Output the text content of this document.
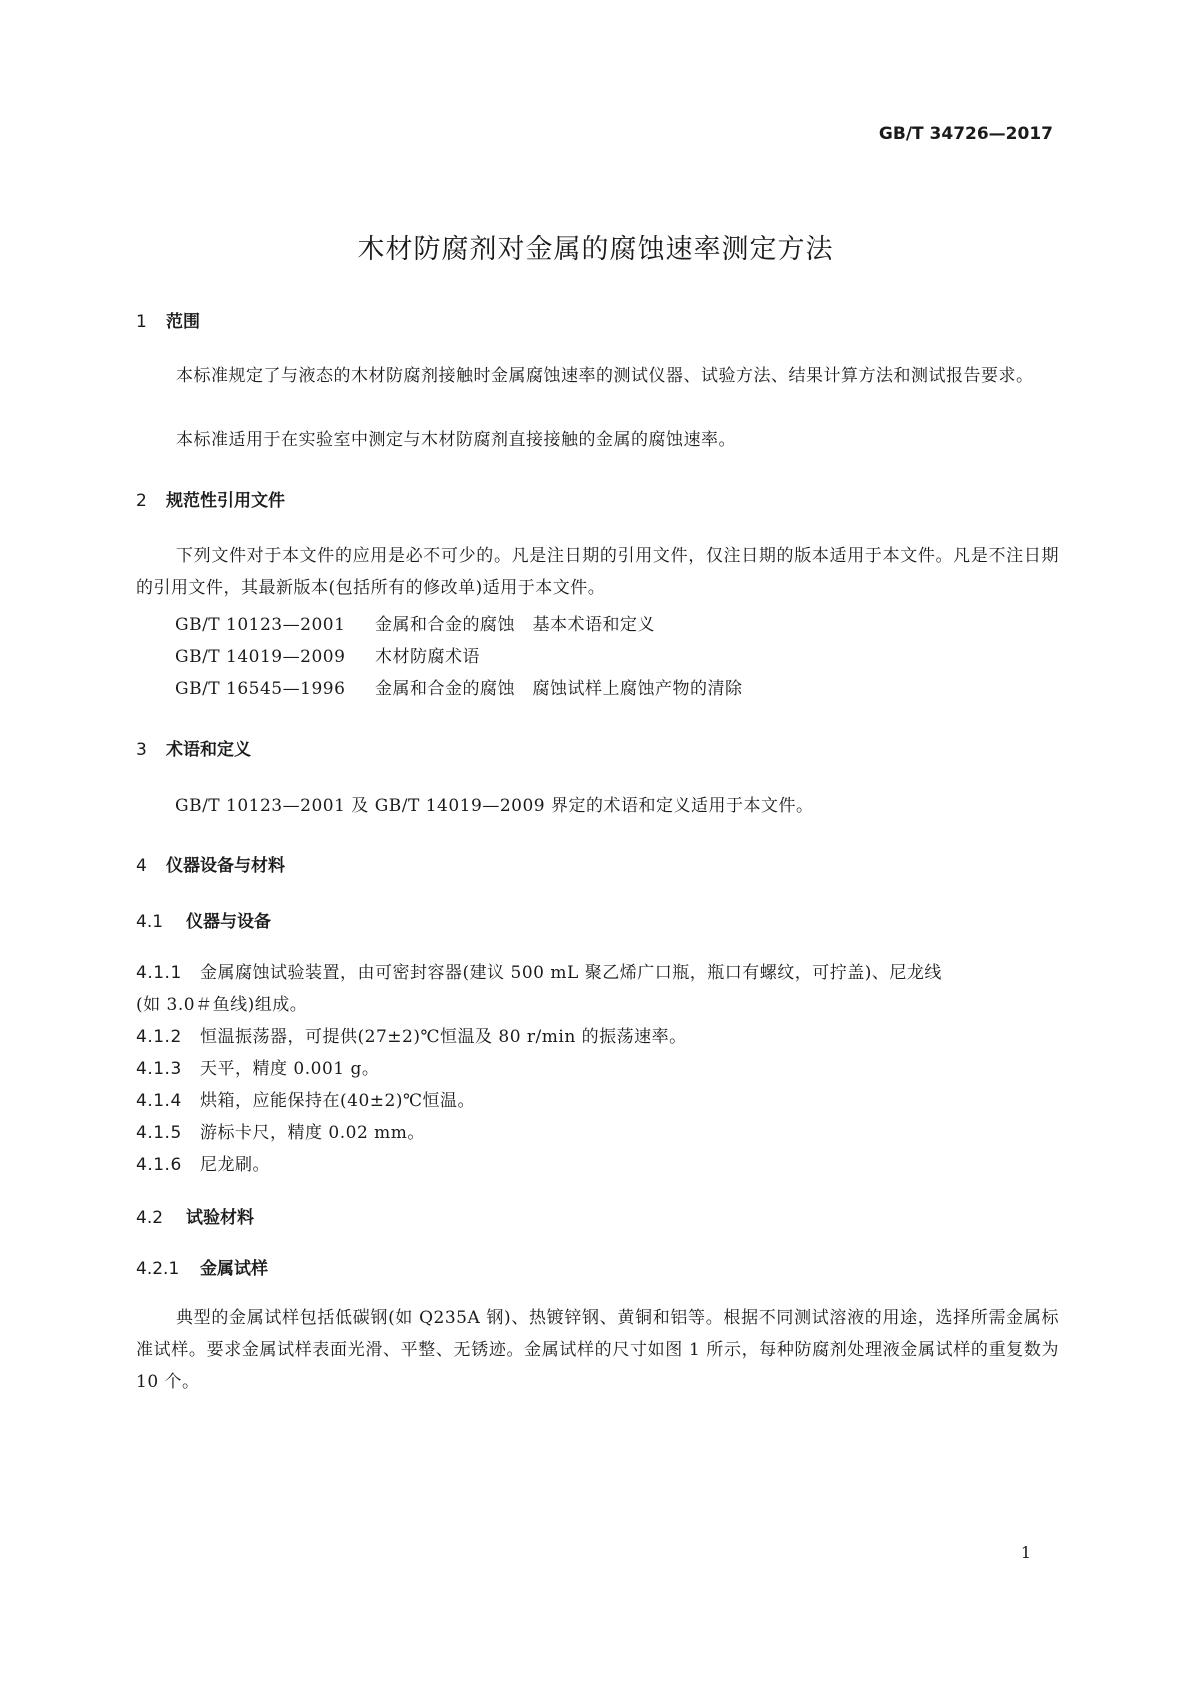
GB/T 34726—2017
木材防腐剂对金属的腐蚀速率测定方法
1 范围
本标准规定了与液态的木材防腐剂接触时金属腐蚀速率的测试仪器、试验方法、结果计算方法和测试报告要求。
本标准适用于在实验室中测定与木材防腐剂直接接触的金属的腐蚀速率。
2 规范性引用文件
下列文件对于本文件的应用是必不可少的。凡是注日期的引用文件，仅注日期的版本适用于本文件。凡是不注日期的引用文件，其最新版本(包括所有的修改单)适用于本文件。
GB/T 10123—2001 金属和合金的腐蚀　基本术语和定义
GB/T 14019—2009 木材防腐术语
GB/T 16545—1996 金属和合金的腐蚀　腐蚀试样上腐蚀产物的清除
3 术语和定义
GB/T 10123—2001 及 GB/T 14019—2009 界定的术语和定义适用于本文件。
4 仪器设备与材料
4.1 仪器与设备
4.1.1 金属腐蚀试验装置，由可密封容器(建议 500 mL 聚乙烯广口瓶，瓶口有螺纹，可拧盖)、尼龙线
(如 3.0＃鱼线)组成。
4.1.2 恒温振荡器，可提供(27±2)℃恒温及 80 r/min 的振荡速率。
4.1.3 天平，精度 0.001 g。
4.1.4 烘箱，应能保持在(40±2)℃恒温。
4.1.5 游标卡尺，精度 0.02 mm。
4.1.6 尼龙刷。
4.2 试验材料
4.2.1 金属试样
典型的金属试样包括低碳钢(如 Q235A 钢)、热镀锌钢、黄铜和铝等。根据不同测试溶液的用途，选择所需金属标准试样。要求金属试样表面光滑、平整、无锈迹。金属试样的尺寸如图 1 所示，每种防腐剂处理液金属试样的重复数为 10 个。
1
